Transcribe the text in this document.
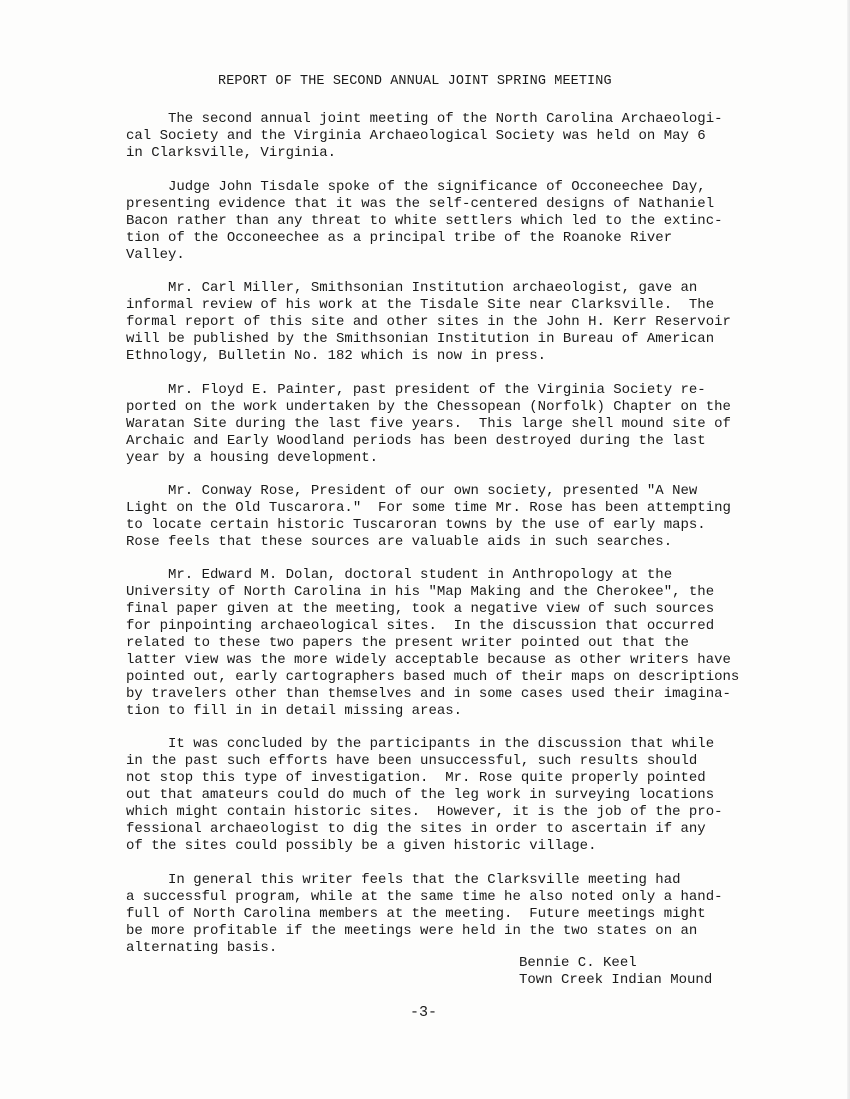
REPORT OF THE SECOND ANNUAL JOINT SPRING MEETING
The second annual joint meeting of the North Carolina Archaeologi-
cal Society and the Virginia Archaeological Society was held on May 6
in Clarksville, Virginia.
Judge John Tisdale spoke of the significance of Occoneechee Day,
presenting evidence that it was the self-centered designs of Nathaniel
Bacon rather than any threat to white settlers which led to the extinc-
tion of the Occoneechee as a principal tribe of the Roanoke River
Valley.
Mr. Carl Miller, Smithsonian Institution archaeologist, gave an
informal review of his work at the Tisdale Site near Clarksville.  The
formal report of this site and other sites in the John H. Kerr Reservoir
will be published by the Smithsonian Institution in Bureau of American
Ethnology, Bulletin No. 182 which is now in press.
Mr. Floyd E. Painter, past president of the Virginia Society re-
ported on the work undertaken by the Chessopean (Norfolk) Chapter on the
Waratan Site during the last five years.  This large shell mound site of
Archaic and Early Woodland periods has been destroyed during the last
year by a housing development.
Mr. Conway Rose, President of our own society, presented "A New
Light on the Old Tuscarora."  For some time Mr. Rose has been attempting
to locate certain historic Tuscaroran towns by the use of early maps.
Rose feels that these sources are valuable aids in such searches.
Mr. Edward M. Dolan, doctoral student in Anthropology at the
University of North Carolina in his "Map Making and the Cherokee", the
final paper given at the meeting, took a negative view of such sources
for pinpointing archaeological sites.  In the discussion that occurred
related to these two papers the present writer pointed out that the
latter view was the more widely acceptable because as other writers have
pointed out, early cartographers based much of their maps on descriptions
by travelers other than themselves and in some cases used their imagina-
tion to fill in in detail missing areas.
It was concluded by the participants in the discussion that while
in the past such efforts have been unsuccessful, such results should
not stop this type of investigation.  Mr. Rose quite properly pointed
out that amateurs could do much of the leg work in surveying locations
which might contain historic sites.  However, it is the job of the pro-
fessional archaeologist to dig the sites in order to ascertain if any
of the sites could possibly be a given historic village.
In general this writer feels that the Clarksville meeting had
a successful program, while at the same time he also noted only a hand-
full of North Carolina members at the meeting.  Future meetings might
be more profitable if the meetings were held in the two states on an
alternating basis.
Bennie C. Keel
Town Creek Indian Mound
-3-
